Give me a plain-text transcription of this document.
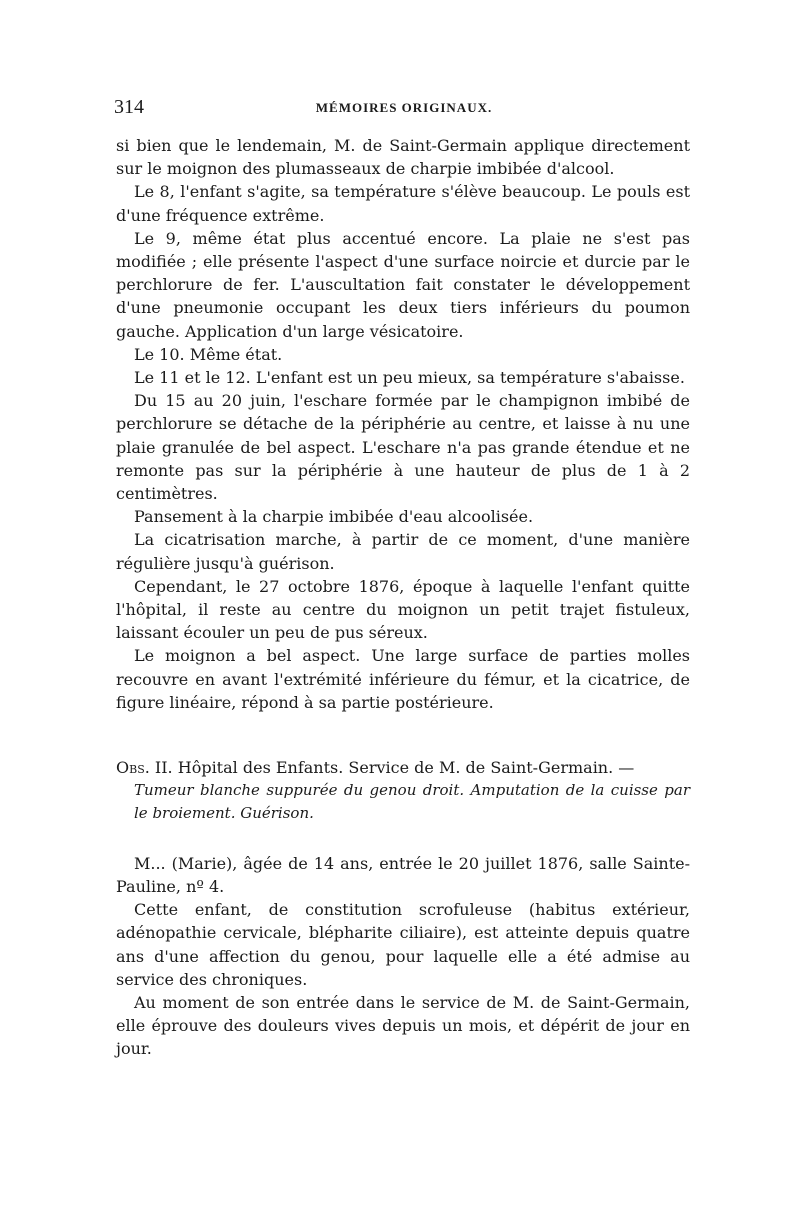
314	MÉMOIRES ORIGINAUX.

si bien que le lendemain, M. de Saint-Germain applique directement sur le moignon des plumasseaux de charpie imbibée d'alcool.

Le 8, l'enfant s'agite, sa température s'élève beaucoup. Le pouls est d'une fréquence extrême.

Le 9, même état plus accentué encore. La plaie ne s'est pas modifiée ; elle présente l'aspect d'une surface noircie et durcie par le perchlorure de fer. L'auscultation fait constater le développement d'une pneumonie occupant les deux tiers inférieurs du poumon gauche. Application d'un large vésicatoire.

Le 10. Même état.

Le 11 et le 12. L'enfant est un peu mieux, sa température s'abaisse.

Du 15 au 20 juin, l'eschare formée par le champignon imbibé de perchlorure se détache de la périphérie au centre, et laisse à nu une plaie granulée de bel aspect. L'eschare n'a pas grande étendue et ne remonte pas sur la périphérie à une hauteur de plus de 1 à 2 centimètres.

Pansement à la charpie imbibée d'eau alcoolisée.

La cicatrisation marche, à partir de ce moment, d'une manière régulière jusqu'à guérison.

Cependant, le 27 octobre 1876, époque à laquelle l'enfant quitte l'hôpital, il reste au centre du moignon un petit trajet fistuleux, laissant écouler un peu de pus séreux.

Le moignon a bel aspect. Une large surface de parties molles recouvre en avant l'extrémité inférieure du fémur, et la cicatrice, de figure linéaire, répond à sa partie postérieure.

Obs. II. Hôpital des Enfants. Service de M. de Saint-Germain. —

Tumeur blanche suppurée du genou droit. Amputation de la cuisse par le broiement. Guérison.

M... (Marie), âgée de 14 ans, entrée le 20 juillet 1876, salle Sainte-Pauline, nº 4.

Cette enfant, de constitution scrofuleuse (habitus extérieur, adénopathie cervicale, blépharite ciliaire), est atteinte depuis quatre ans d'une affection du genou, pour laquelle elle a été admise au service des chroniques.

Au moment de son entrée dans le service de M. de Saint-Germain, elle éprouve des douleurs vives depuis un mois, et dépérit de jour en jour.
